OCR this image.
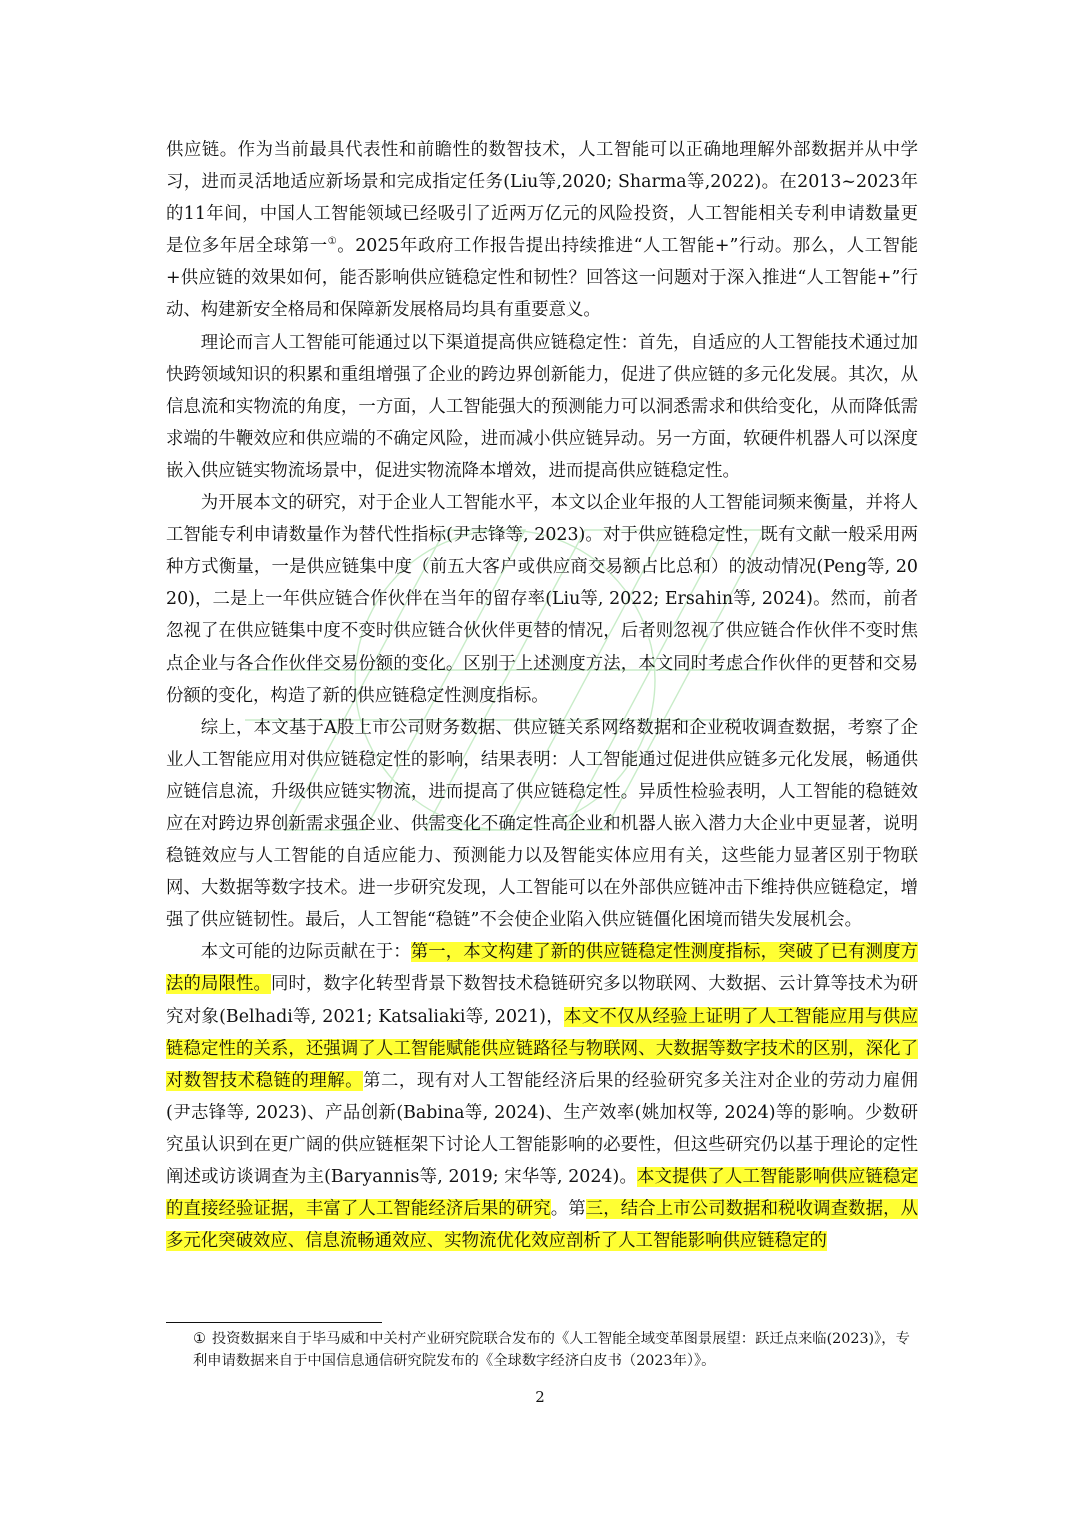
供应链。作为当前最具代表性和前瞻性的数智技术，人工智能可以正确地理解外部数据并从中学习，进而灵活地适应新场景和完成指定任务(Liu等,2020; Sharma等,2022)。在2013~2023年的11年间，中国人工智能领域已经吸引了近两万亿元的风险投资，人工智能相关专利申请数量更是位多年居全球第一①。2025年政府工作报告提出持续推进“人工智能+”行动。那么，人工智能+供应链的效果如何，能否影响供应链稳定性和韧性？回答这一问题对于深入推进“人工智能+”行动、构建新安全格局和保障新发展格局均具有重要意义。

理论而言人工智能可能通过以下渠道提高供应链稳定性：首先，自适应的人工智能技术通过加快跨领域知识的积累和重组增强了企业的跨边界创新能力，促进了供应链的多元化发展。其次，从信息流和实物流的角度，一方面，人工智能强大的预测能力可以洞悉需求和供给变化，从而降低需求端的牛鞭效应和供应端的不确定风险，进而减小供应链异动。另一方面，软硬件机器人可以深度嵌入供应链实物流场景中，促进实物流降本增效，进而提高供应链稳定性。

为开展本文的研究，对于企业人工智能水平，本文以企业年报的人工智能词频来衡量，并将人工智能专利申请数量作为替代性指标(尹志锋等, 2023)。对于供应链稳定性，既有文献一般采用两种方式衡量，一是供应链集中度（前五大客户或供应商交易额占比总和）的波动情况(Peng等, 2020)，二是上一年供应链合作伙伴在当年的留存率(Liu等, 2022; Ersahin等, 2024)。然而，前者忽视了在供应链集中度不变时供应链合伙伙伴更替的情况，后者则忽视了供应链合作伙伴不变时焦点企业与各合作伙伴交易份额的变化。区别于上述测度方法，本文同时考虑合作伙伴的更替和交易份额的变化，构造了新的供应链稳定性测度指标。

综上，本文基于A股上市公司财务数据、供应链关系网络数据和企业税收调查数据，考察了企业人工智能应用对供应链稳定性的影响，结果表明：人工智能通过促进供应链多元化发展，畅通供应链信息流，升级供应链实物流，进而提高了供应链稳定性。异质性检验表明，人工智能的稳链效应在对跨边界创新需求强企业、供需变化不确定性高企业和机器人嵌入潜力大企业中更显著，说明稳链效应与人工智能的自适应能力、预测能力以及智能实体应用有关，这些能力显著区别于物联网、大数据等数字技术。进一步研究发现，人工智能可以在外部供应链冲击下维持供应链稳定，增强了供应链韧性。最后，人工智能“稳链”不会使企业陷入供应链僵化困境而错失发展机会。

本文可能的边际贡献在于：第一，本文构建了新的供应链稳定性测度指标，突破了已有测度方法的局限性。同时，数字化转型背景下数智技术稳链研究多以物联网、大数据、云计算等技术为研究对象(Belhadi等, 2021; Katsaliaki等, 2021)，本文不仅从经验上证明了人工智能应用与供应链稳定性的关系，还强调了人工智能赋能供应链路径与物联网、大数据等数字技术的区别，深化了对数智技术稳链的理解。第二，现有对人工智能经济后果的经验研究多关注对企业的劳动力雇佣(尹志锋等, 2023)、产品创新(Babina等, 2024)、生产效率(姚加权等, 2024)等的影响。少数研究虽认识到在更广阔的供应链框架下讨论人工智能影响的必要性，但这些研究仍以基于理论的定性阐述或访谈调查为主(Baryannis等, 2019; 宋华等, 2024)。本文提供了人工智能影响供应链稳定的直接经验证据，丰富了人工智能经济后果的研究。第三，结合上市公司数据和税收调查数据，从多元化突破效应、信息流畅通效应、实物流优化效应剖析了人工智能影响供应链稳定的

① 投资数据来自于毕马威和中关村产业研究院联合发布的《人工智能全域变革图景展望：跃迁点来临(2023)》，专利申请数据来自于中国信息通信研究院发布的《全球数字经济白皮书（2023年）》。

2
